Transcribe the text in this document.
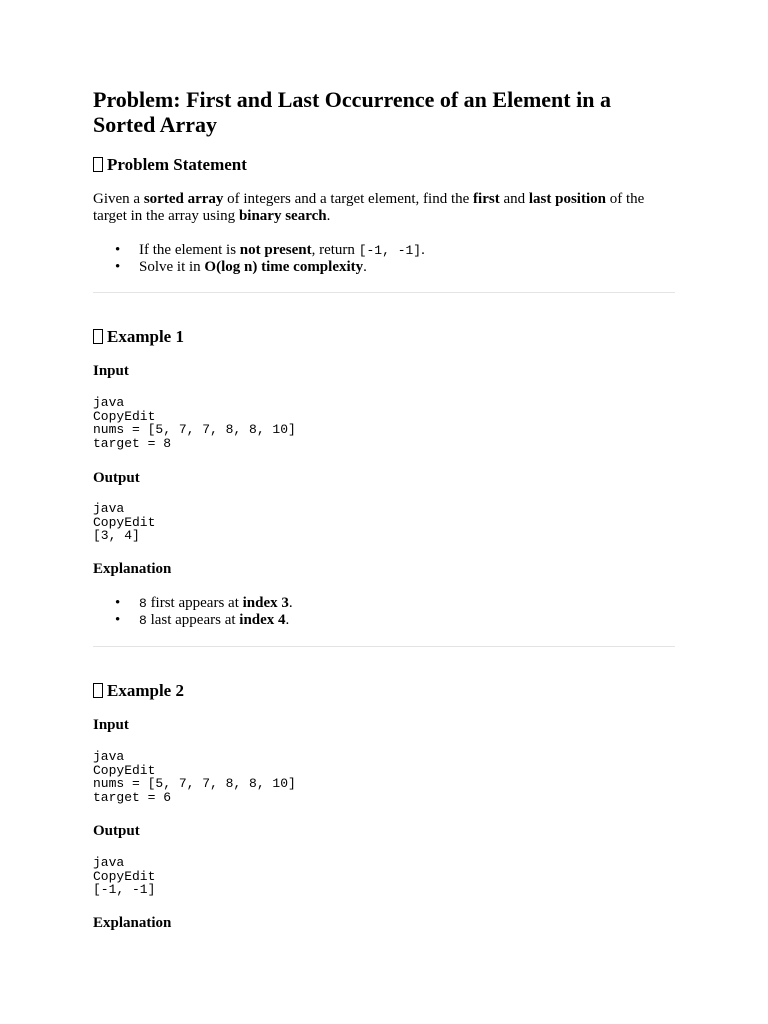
Problem: First and Last Occurrence of an Element in a Sorted Array
Problem Statement

Given a sorted array of integers and a target element, find the first and last position of the target in the array using binary search.

• If the element is not present, return [-1, -1].
• Solve it in O(log n) time complexity.
Example 1
Input
java
CopyEdit
nums = [5, 7, 7, 8, 8, 10]
target = 8
Output
java
CopyEdit
[3, 4]
Explanation
• 8 first appears at index 3.
• 8 last appears at index 4.
Example 2
Input
java
CopyEdit
nums = [5, 7, 7, 8, 8, 10]
target = 6
Output
java
CopyEdit
[-1, -1]
Explanation
